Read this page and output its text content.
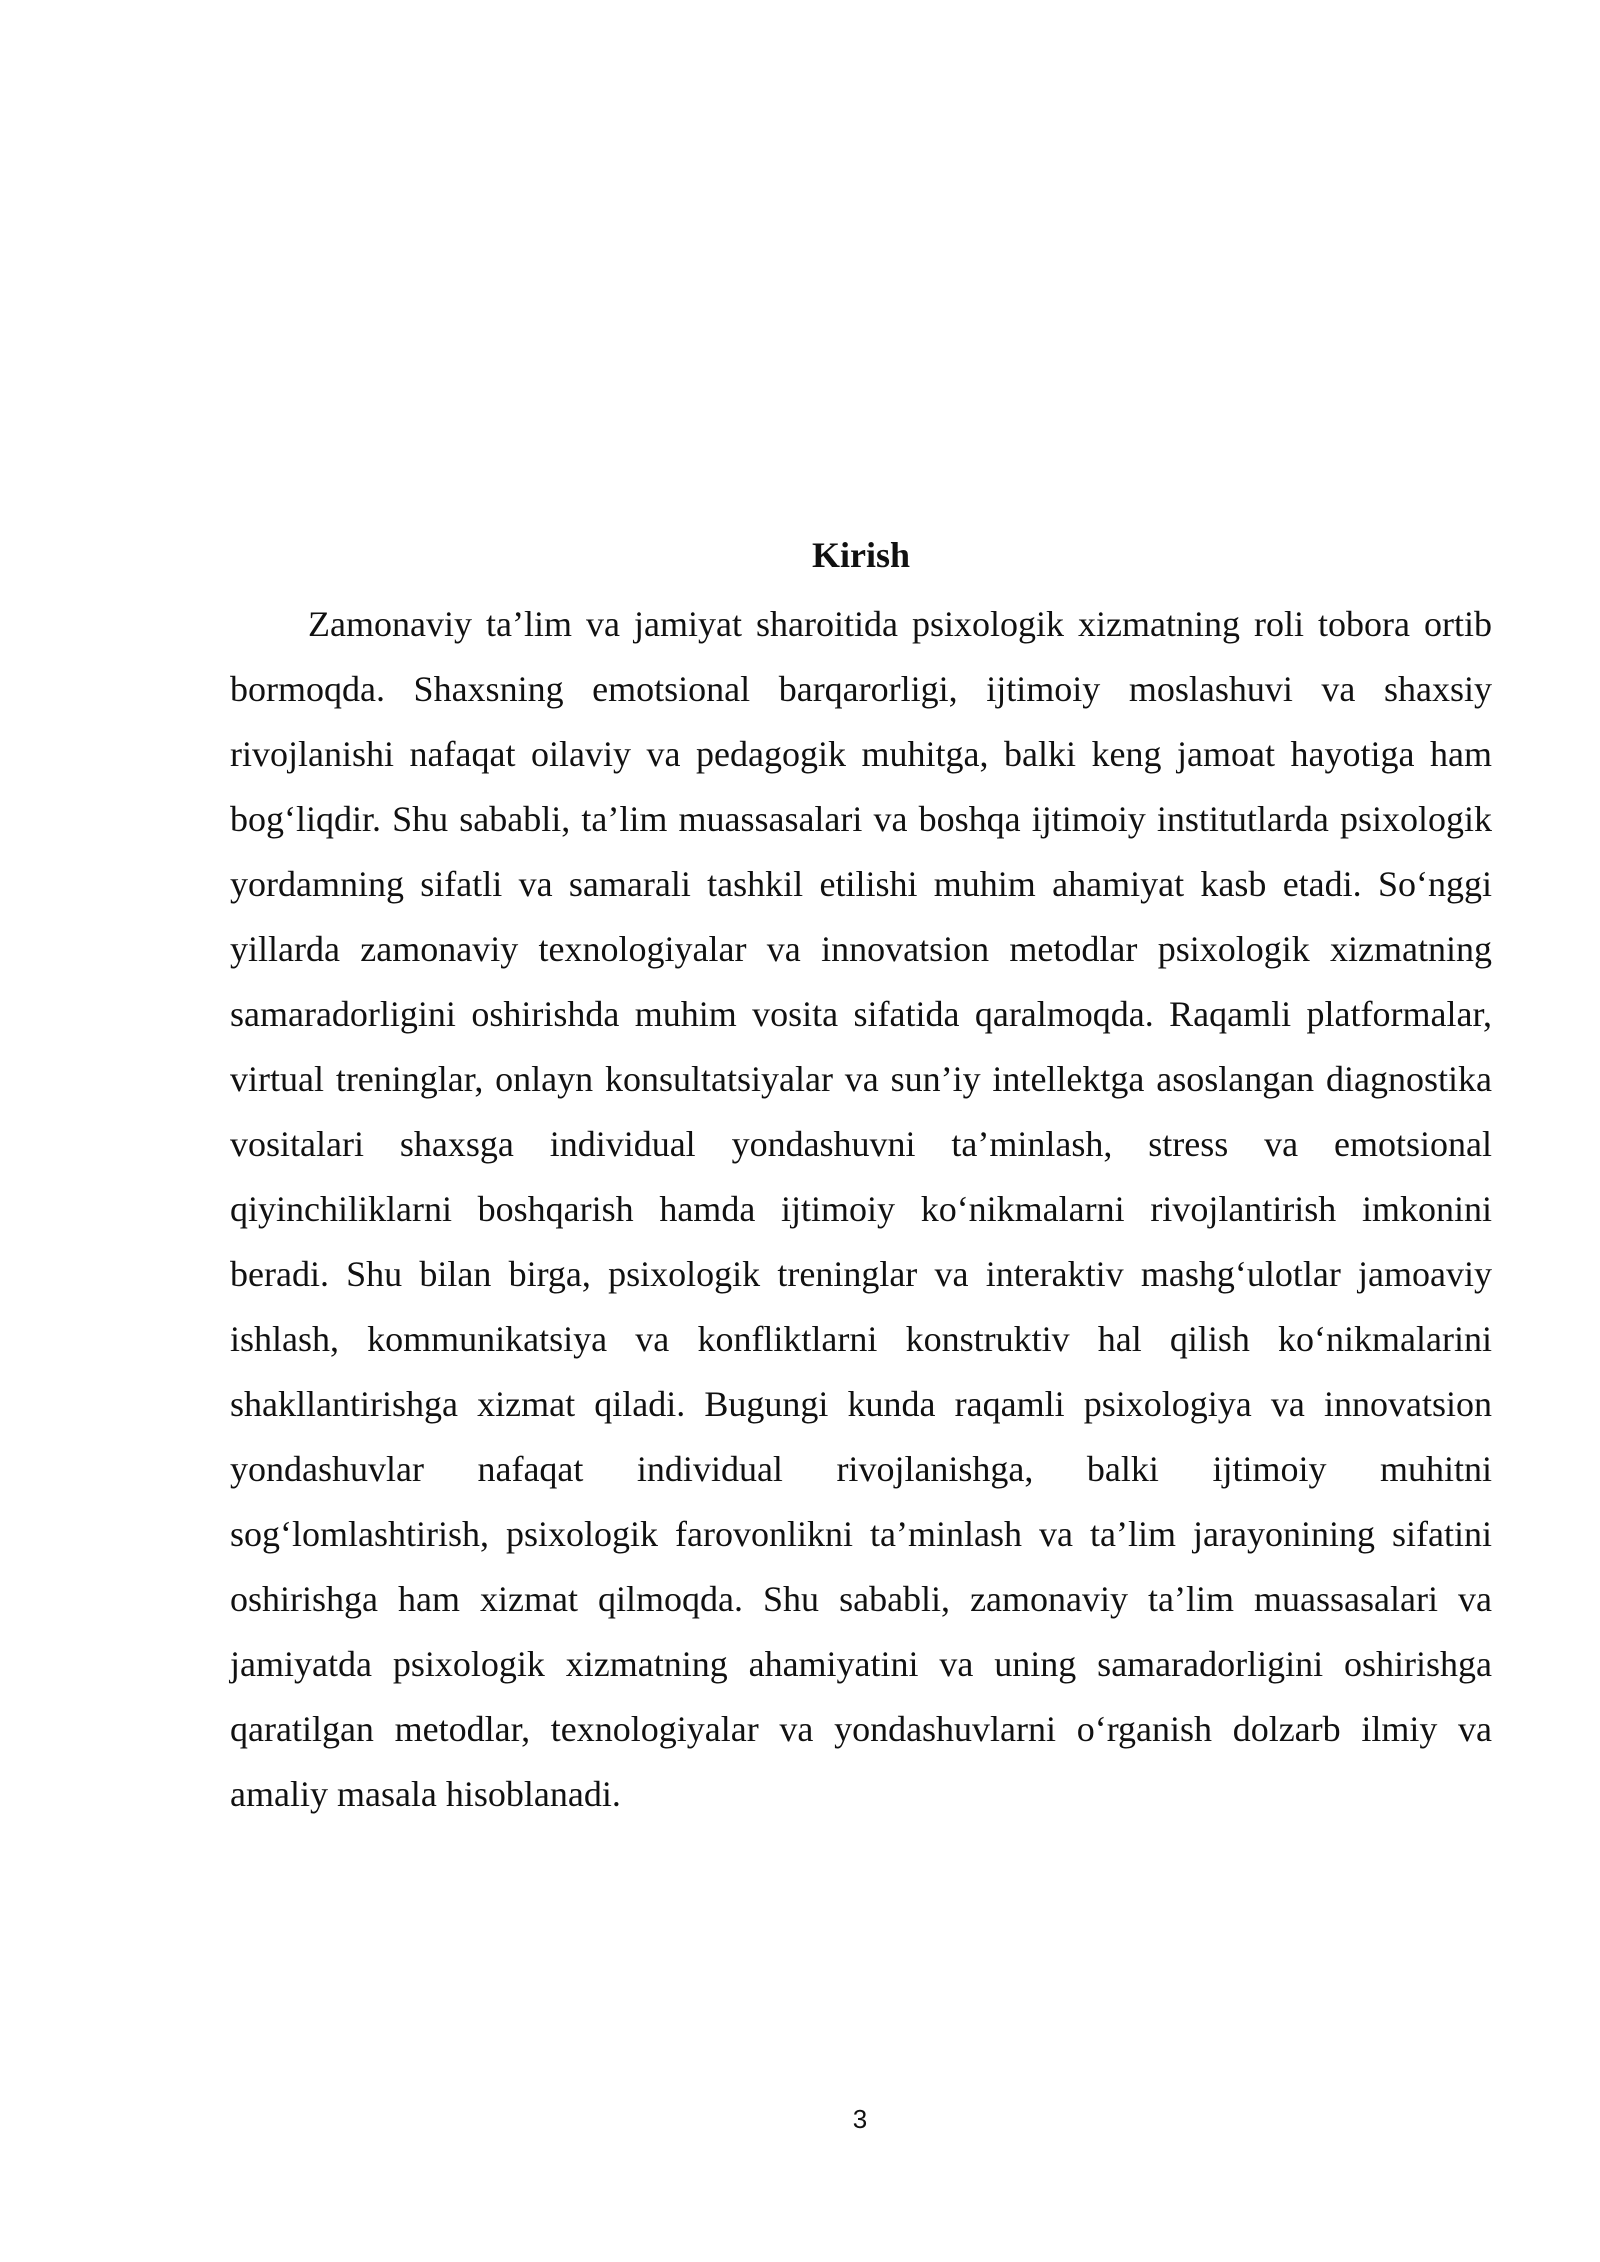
Kirish

Zamonaviy ta’lim va jamiyat sharoitida psixologik xizmatning roli tobora ortib bormoqda. Shaxsning emotsional barqarorligi, ijtimoiy moslashuvi va shaxsiy rivojlanishi nafaqat oilaviy va pedagogik muhitga, balki keng jamoat hayotiga ham bog‘liqdir. Shu sababli, ta’lim muassasalari va boshqa ijtimoiy institutlarda psixologik yordamning sifatli va samarali tashkil etilishi muhim ahamiyat kasb etadi. So‘nggi yillarda zamonaviy texnologiyalar va innovatsion metodlar psixologik xizmatning samaradorligini oshirishda muhim vosita sifatida qaralmoqda. Raqamli platformalar, virtual treninglar, onlayn konsultatsiyalar va sun’iy intellektga asoslangan diagnostika vositalari shaxsga individual yondashuvni ta’minlash, stress va emotsional qiyinchiliklarni boshqarish hamda ijtimoiy ko‘nikmalarni rivojlantirish imkonini beradi. Shu bilan birga, psixologik treninglar va interaktiv mashg‘ulotlar jamoaviy ishlash, kommunikatsiya va konfliktlarni konstruktiv hal qilish ko‘nikmalarini shakllantirishga xizmat qiladi. Bugungi kunda raqamli psixologiya va innovatsion yondashuvlar nafaqat individual rivojlanishga, balki ijtimoiy muhitni sog‘lomlashtirish, psixologik farovonlikni ta’minlash va ta’lim jarayonining sifatini oshirishga ham xizmat qilmoqda. Shu sababli, zamonaviy ta’lim muassasalari va jamiyatda psixologik xizmatning ahamiyatini va uning samaradorligini oshirishga qaratilgan metodlar, texnologiyalar va yondashuvlarni o‘rganish dolzarb ilmiy va amaliy masala hisoblanadi.

3
